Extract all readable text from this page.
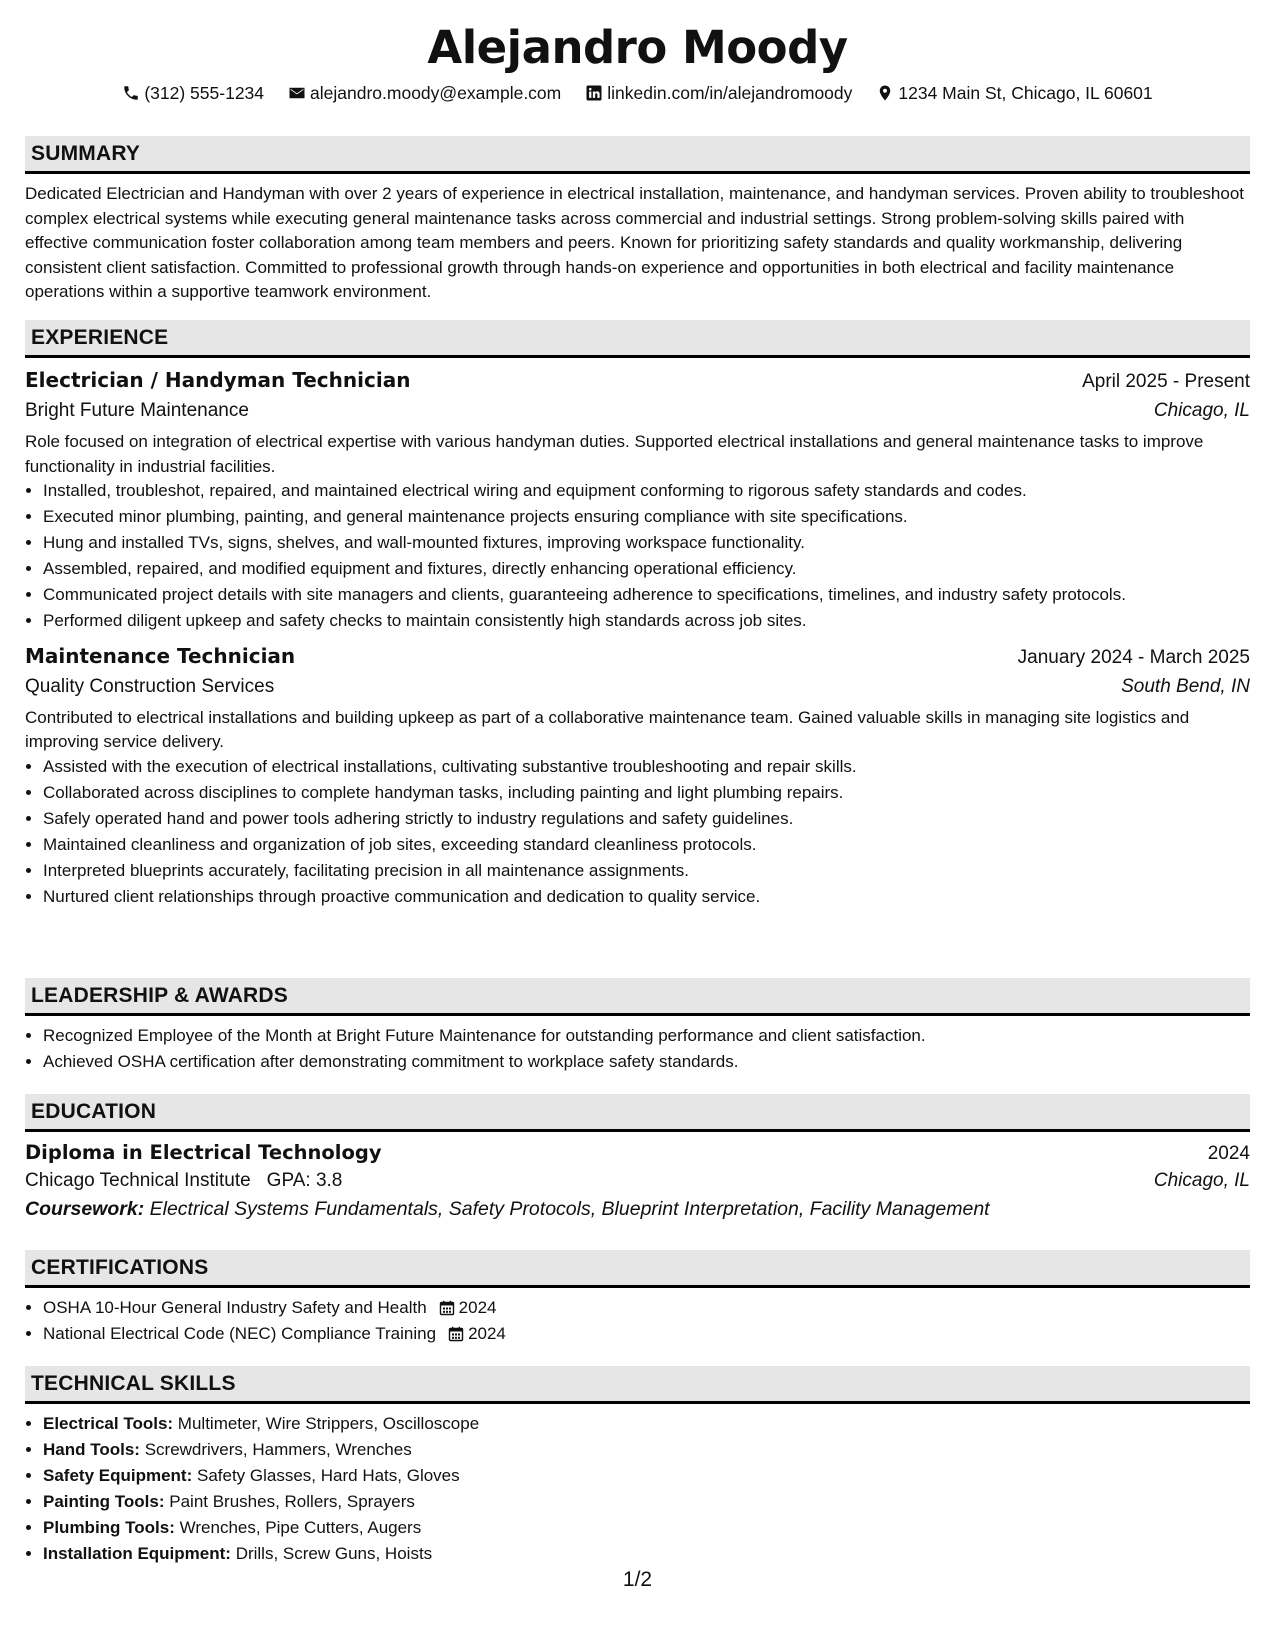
Alejandro Moody
(312) 555-1234	alejandro.moody@example.com	linkedin.com/in/alejandromoody	1234 Main St, Chicago, IL 60601
SUMMARY
Dedicated Electrician and Handyman with over 2 years of experience in electrical installation, maintenance, and handyman services. Proven ability to troubleshoot complex electrical systems while executing general maintenance tasks across commercial and industrial settings. Strong problem-solving skills paired with effective communication foster collaboration among team members and peers. Known for prioritizing safety standards and quality workmanship, delivering consistent client satisfaction. Committed to professional growth through hands-on experience and opportunities in both electrical and facility maintenance operations within a supportive teamwork environment.
EXPERIENCE
Electrician / Handyman Technician	April 2025 - Present
Bright Future Maintenance	Chicago, IL
Role focused on integration of electrical expertise with various handyman duties. Supported electrical installations and general maintenance tasks to improve functionality in industrial facilities.
• Installed, troubleshot, repaired, and maintained electrical wiring and equipment conforming to rigorous safety standards and codes.
• Executed minor plumbing, painting, and general maintenance projects ensuring compliance with site specifications.
• Hung and installed TVs, signs, shelves, and wall-mounted fixtures, improving workspace functionality.
• Assembled, repaired, and modified equipment and fixtures, directly enhancing operational efficiency.
• Communicated project details with site managers and clients, guaranteeing adherence to specifications, timelines, and industry safety protocols.
• Performed diligent upkeep and safety checks to maintain consistently high standards across job sites.
Maintenance Technician	January 2024 - March 2025
Quality Construction Services	South Bend, IN
Contributed to electrical installations and building upkeep as part of a collaborative maintenance team. Gained valuable skills in managing site logistics and improving service delivery.
• Assisted with the execution of electrical installations, cultivating substantive troubleshooting and repair skills.
• Collaborated across disciplines to complete handyman tasks, including painting and light plumbing repairs.
• Safely operated hand and power tools adhering strictly to industry regulations and safety guidelines.
• Maintained cleanliness and organization of job sites, exceeding standard cleanliness protocols.
• Interpreted blueprints accurately, facilitating precision in all maintenance assignments.
• Nurtured client relationships through proactive communication and dedication to quality service.
LEADERSHIP & AWARDS
• Recognized Employee of the Month at Bright Future Maintenance for outstanding performance and client satisfaction.
• Achieved OSHA certification after demonstrating commitment to workplace safety standards.
EDUCATION
Diploma in Electrical Technology	2024
Chicago Technical Institute GPA: 3.8	Chicago, IL
Coursework: Electrical Systems Fundamentals, Safety Protocols, Blueprint Interpretation, Facility Management
CERTIFICATIONS
• OSHA 10-Hour General Industry Safety and Health 2024
• National Electrical Code (NEC) Compliance Training 2024
TECHNICAL SKILLS
• Electrical Tools: Multimeter, Wire Strippers, Oscilloscope
• Hand Tools: Screwdrivers, Hammers, Wrenches
• Safety Equipment: Safety Glasses, Hard Hats, Gloves
• Painting Tools: Paint Brushes, Rollers, Sprayers
• Plumbing Tools: Wrenches, Pipe Cutters, Augers
• Installation Equipment: Drills, Screw Guns, Hoists
1/2
